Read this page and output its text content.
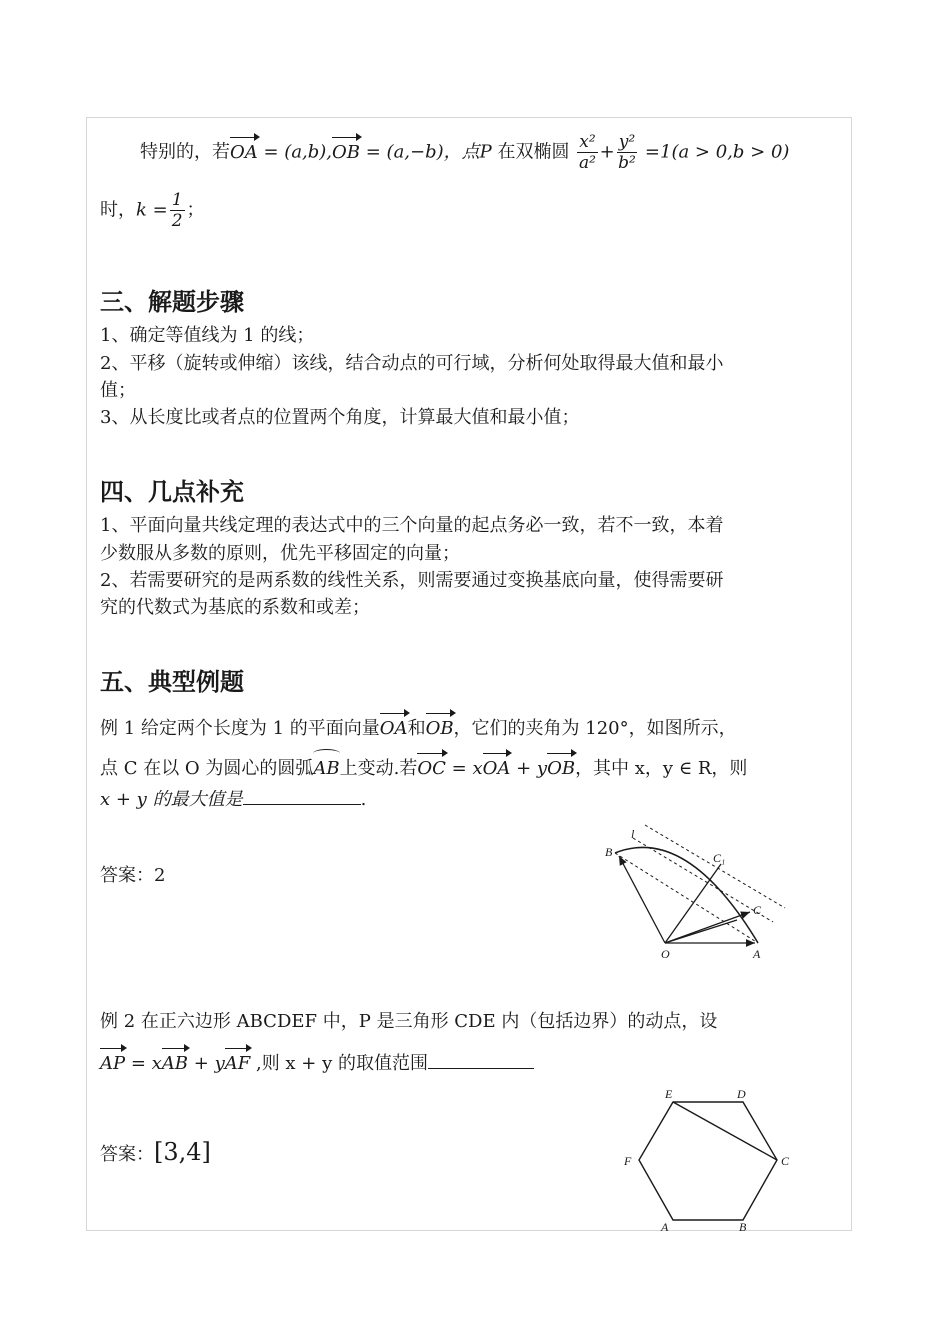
特别的，若OA = (a,b),OB = (a,−b)，点P 在双椭圆 $\frac{\text{x²}}{\text{a²}} + \frac{\text{y²}}{\text{b²}} =1(a > 0,b > 0)$
时，$k = \frac{1}{2}$ ；
三、解题步骤
1、确定等值线为 1 的线；
2、平移（旋转或伸缩）该线，结合动点的可行域，分析何处取得最大值和最小
值；
3、从长度比或者点的位置两个角度，计算最大值和最小值；
四、几点补充
1、平面向量共线定理的表达式中的三个向量的起点务必一致，若不一致，本着
少数服从多数的原则，优先平移固定的向量；
2、若需要研究的是两系数的线性关系，则需要通过变换基底向量，使得需要研
究的代数式为基底的系数和或差；
五、典型例题
例 1 给定两个长度为 1 的平面向量OA和OB，它们的夹角为 120°，如图所示，
点 C 在以 O 为圆心的圆弧AB上变动.若OC = xOA + yOB，其中 x，y ∈ R，则
x + y 的最大值是	.
答案：2
B	C₁
C
O	A
l
例 2 在正六边形 ABCDEF 中，P 是三角形 CDE 内（包括边界）的动点，设
AP = xAB + yAF ,则 x + y 的取值范围
答案：[3,4]
E	D
F	C
A	B
